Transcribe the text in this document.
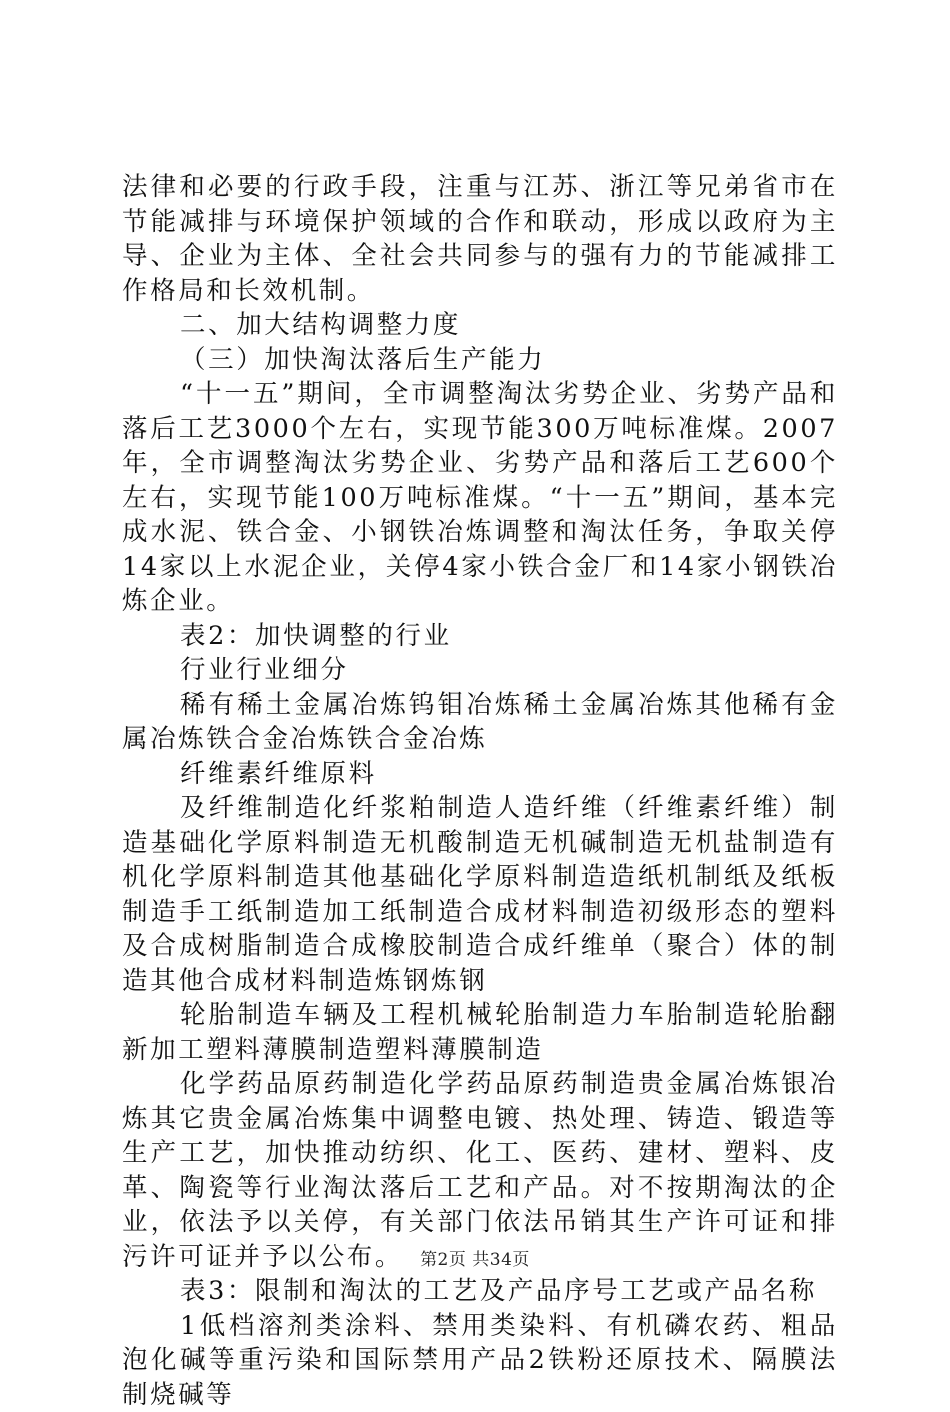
法律和必要的行政手段，注重与江苏、浙江等兄弟省市在节能减排与环境保护领域的合作和联动，形成以政府为主导、企业为主体、全社会共同参与的强有力的节能减排工作格局和长效机制。

二、加大结构调整力度

（三）加快淘汰落后生产能力

“十一五”期间，全市调整淘汰劣势企业、劣势产品和落后工艺3000个左右，实现节能300万吨标准煤。2007年，全市调整淘汰劣势企业、劣势产品和落后工艺600个左右，实现节能100万吨标准煤。“十一五”期间，基本完成水泥、铁合金、小钢铁冶炼调整和淘汰任务，争取关停14家以上水泥企业，关停4家小铁合金厂和14家小钢铁冶炼企业。

表2：加快调整的行业

行业行业细分

稀有稀土金属冶炼钨钼冶炼稀土金属冶炼其他稀有金属冶炼铁合金冶炼铁合金冶炼

纤维素纤维原料

及纤维制造化纤浆粕制造人造纤维（纤维素纤维）制造基础化学原料制造无机酸制造无机碱制造无机盐制造有机化学原料制造其他基础化学原料制造造纸机制纸及纸板制造手工纸制造加工纸制造合成材料制造初级形态的塑料及合成树脂制造合成橡胶制造合成纤维单（聚合）体的制造其他合成材料制造炼钢炼钢

轮胎制造车辆及工程机械轮胎制造力车胎制造轮胎翻新加工塑料薄膜制造塑料薄膜制造

化学药品原药制造化学药品原药制造贵金属冶炼银冶炼其它贵金属冶炼集中调整电镀、热处理、铸造、锻造等生产工艺，加快推动纺织、化工、医药、建材、塑料、皮革、陶瓷等行业淘汰落后工艺和产品。对不按期淘汰的企业，依法予以关停，有关部门依法吊销其生产许可证和排污许可证并予以公布。

表3：限制和淘汰的工艺及产品序号工艺或产品名称

1低档溶剂类涂料、禁用类染料、有机磷农药、粗品泡化碱等重污染和国际禁用产品2铁粉还原技术、隔膜法制烧碱等

第2页 共34页
